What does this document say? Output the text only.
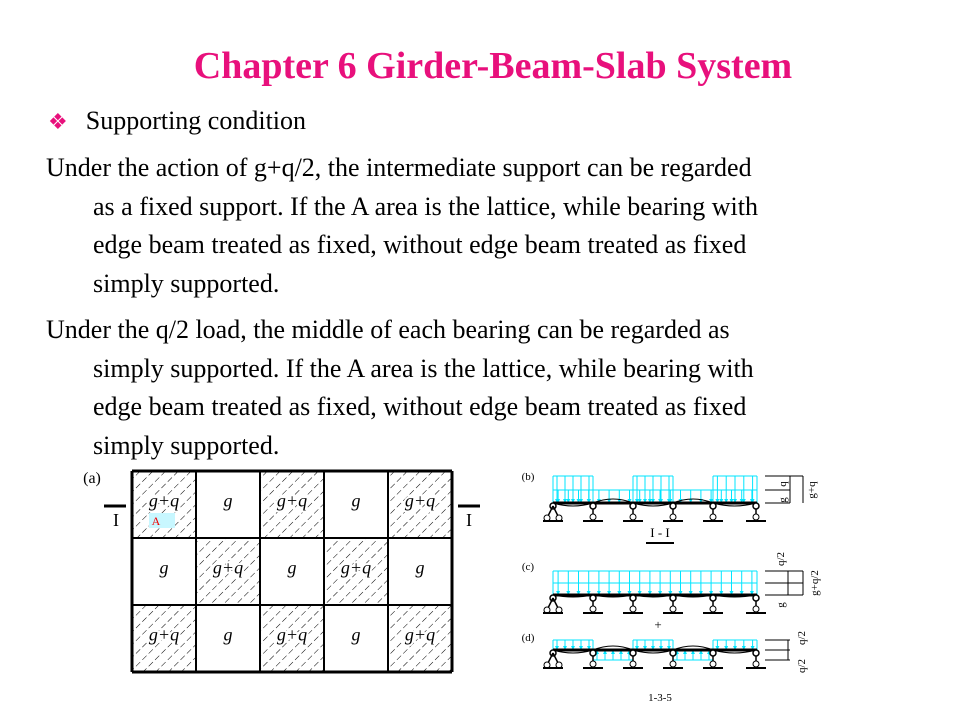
Chapter 6 Girder-Beam-Slab System
❖ Supporting condition
Under the action of g+q/2, the intermediate support can be regarded
as a fixed support. If the A area is the lattice, while bearing with
edge beam treated as fixed, without edge beam treated as fixed
simply supported.
Under the q/2 load, the middle of each bearing can be regarded as
simply supported. If the A area is the lattice, while bearing with
edge beam treated as fixed, without edge beam treated as fixed
simply supported.
(a)
g+q g g+q g g+q
g g+q g g+q g
g+q g g+q g g+q
A
I	I
(b)
I - I
g
q g+q
(c)
g
q/2
g+q/2
+
(d)
q/2
q/2
1-3-5
